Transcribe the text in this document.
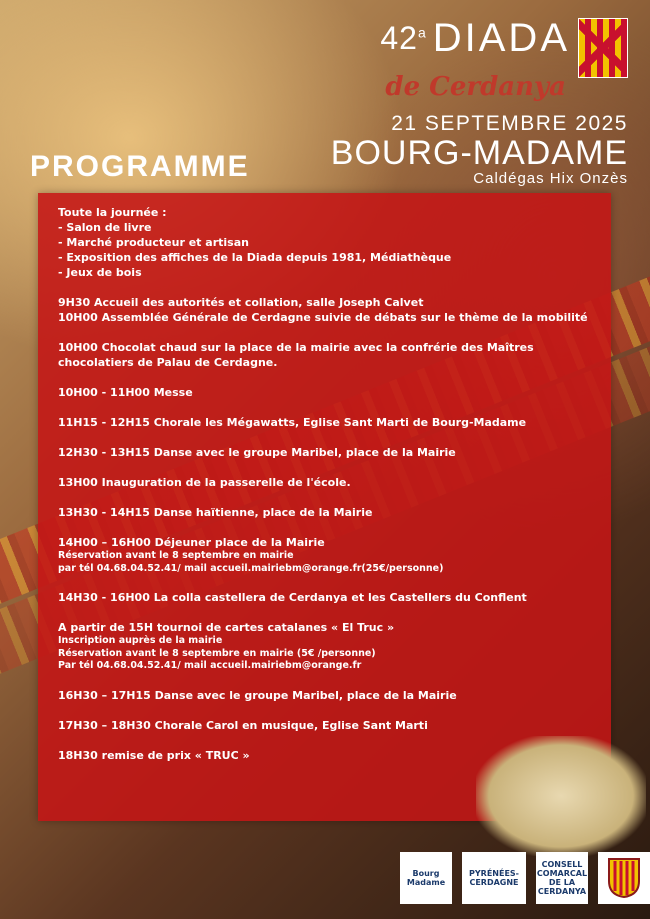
42$^a$ DIADA
de Cerdanya
21 SEPTEMBRE 2025
BOURG-MADAME
Caldégas Hix Onzès
PROGRAMME
Toute la journée :
- Salon de livre
- Marché producteur et artisan
- Exposition des affiches de la Diada depuis 1981, Médiathèque
- Jeux de bois
9H30 Accueil des autorités et collation, salle Joseph Calvet
10H00 Assemblée Générale de Cerdagne suivie de débats sur le thème de la mobilité
10H00 Chocolat chaud sur la place de la mairie avec la confrérie des Maîtres chocolatiers de Palau de Cerdagne.
10H00 - 11H00 Messe
11H15 - 12H15 Chorale les Mégawatts, Eglise Sant Marti de Bourg-Madame
12H30 - 13H15 Danse avec le groupe Maribel, place de la Mairie
13H00 Inauguration de la passerelle de l'école.
13H30 - 14H15 Danse haïtienne, place de la Mairie
14H00 – 16H00 Déjeuner place de la Mairie
Réservation avant le 8 septembre en mairie
par tél 04.68.04.52.41/ mail accueil.mairiebm@orange.fr(25€/personne)
14H30 - 16H00 La colla castellera de Cerdanya et les Castellers du Conflent
A partir de 15H tournoi de cartes catalanes « El Truc »
Inscription auprès de la mairie
Réservation avant le 8 septembre en mairie (5€ /personne)
Par tél 04.68.04.52.41/ mail accueil.mairiebm@orange.fr
16H30 – 17H15 Danse avec le groupe Maribel, place de la Mairie
17H30 – 18H30 Chorale Carol en musique, Eglise Sant Marti
18H30 remise de prix « TRUC »
Bourg Madame
PYRÉNÉES-CERDAGNE
CONSELL COMARCAL DE LA CERDANYA
